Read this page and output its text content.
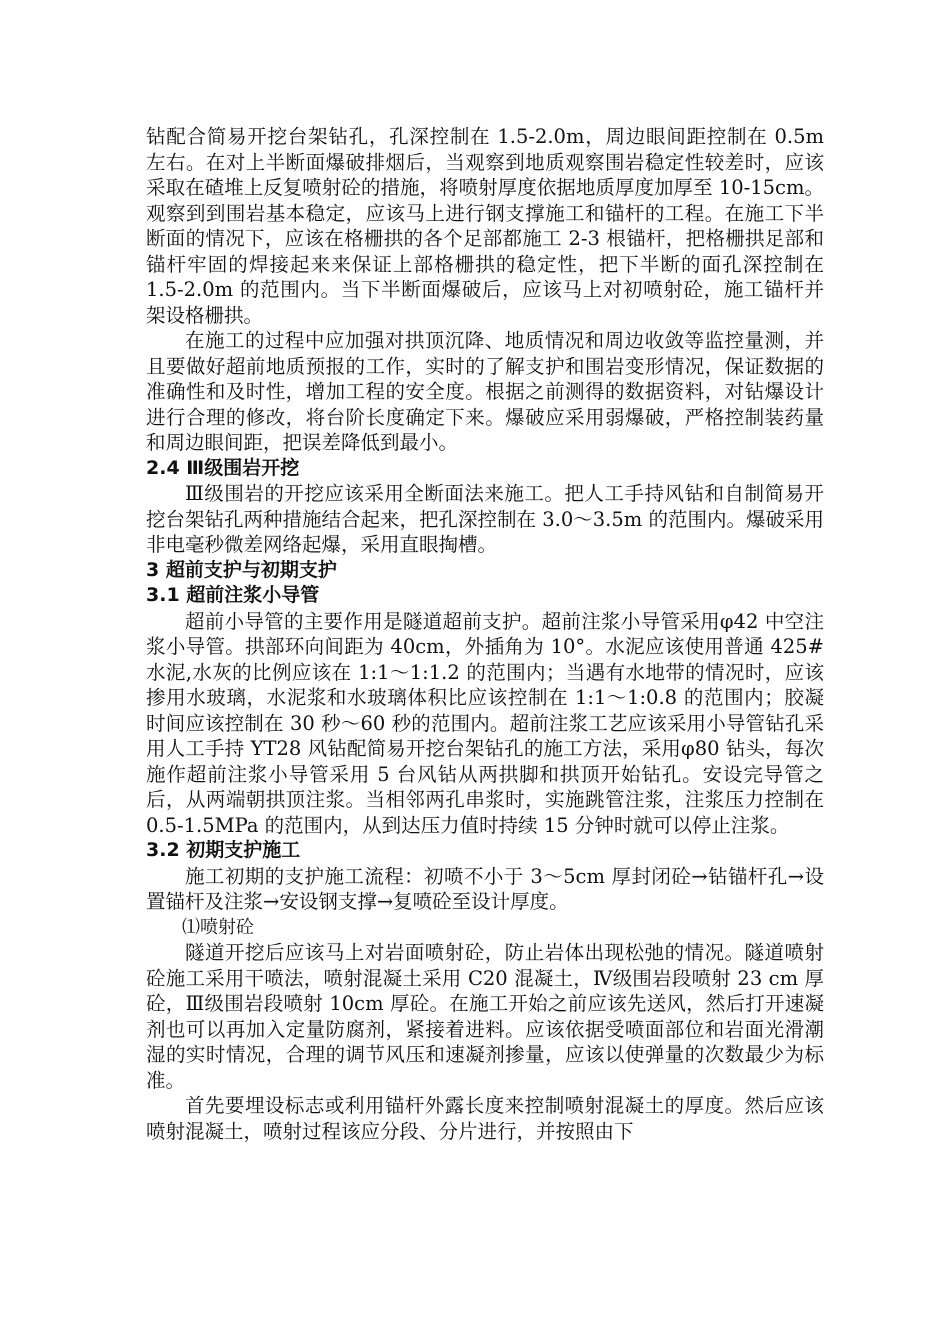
钻配合简易开挖台架钻孔，孔深控制在 1.5-2.0m，周边眼间距控制在 0.5m 左右。在对上半断面爆破排烟后，当观察到地质观察围岩稳定性较差时，应该采取在碴堆上反复喷射砼的措施，将喷射厚度依据地质厚度加厚至 10-15cm。观察到到围岩基本稳定，应该马上进行钢支撑施工和锚杆的工程。在施工下半断面的情况下，应该在格栅拱的各个足部都施工 2-3 根锚杆，把格栅拱足部和锚杆牢固的焊接起来来保证上部格栅拱的稳定性，把下半断的面孔深控制在 1.5-2.0m 的范围内。当下半断面爆破后，应该马上对初喷射砼，施工锚杆并架设格栅拱。

在施工的过程中应加强对拱顶沉降、地质情况和周边收敛等监控量测，并且要做好超前地质预报的工作，实时的了解支护和围岩变形情况，保证数据的准确性和及时性，增加工程的安全度。根据之前测得的数据资料，对钻爆设计进行合理的修改，将台阶长度确定下来。爆破应采用弱爆破，严格控制装药量和周边眼间距，把误差降低到最小。

2.4 Ⅲ级围岩开挖

Ⅲ级围岩的开挖应该采用全断面法来施工。把人工手持风钻和自制简易开挖台架钻孔两种措施结合起来，把孔深控制在 3.0～3.5m 的范围内。爆破采用非电毫秒微差网络起爆，采用直眼掏槽。

3 超前支护与初期支护

3.1 超前注浆小导管

超前小导管的主要作用是隧道超前支护。超前注浆小导管采用φ42 中空注浆小导管。拱部环向间距为 40cm，外插角为 10°。水泥应该使用普通 425#水泥,水灰的比例应该在 1:1～1:1.2 的范围内；当遇有水地带的情况时，应该掺用水玻璃，水泥浆和水玻璃体积比应该控制在 1:1～1:0.8 的范围内；胶凝时间应该控制在 30 秒～60 秒的范围内。超前注浆工艺应该采用小导管钻孔采用人工手持 YT28 风钻配简易开挖台架钻孔的施工方法，采用φ80 钻头，每次施作超前注浆小导管采用 5 台风钻从两拱脚和拱顶开始钻孔。安设完导管之后，从两端朝拱顶注浆。当相邻两孔串浆时，实施跳管注浆，注浆压力控制在 0.5-1.5MPa 的范围内，从到达压力值时持续 15 分钟时就可以停止注浆。

3.2 初期支护施工

施工初期的支护施工流程：初喷不小于 3～5cm 厚封闭砼→钻锚杆孔→设置锚杆及注浆→安设钢支撑→复喷砼至设计厚度。

⑴喷射砼

隧道开挖后应该马上对岩面喷射砼，防止岩体出现松弛的情况。隧道喷射砼施工采用干喷法，喷射混凝土采用 C20 混凝土，Ⅳ级围岩段喷射 23 cm 厚砼，Ⅲ级围岩段喷射 10cm 厚砼。在施工开始之前应该先送风，然后打开速凝剂也可以再加入定量防腐剂，紧接着进料。应该依据受喷面部位和岩面光滑潮湿的实时情况，合理的调节风压和速凝剂掺量，应该以使弹量的次数最少为标准。

首先要埋设标志或利用锚杆外露长度来控制喷射混凝土的厚度。然后应该喷射混凝土，喷射过程该应分段、分片进行，并按照由下
